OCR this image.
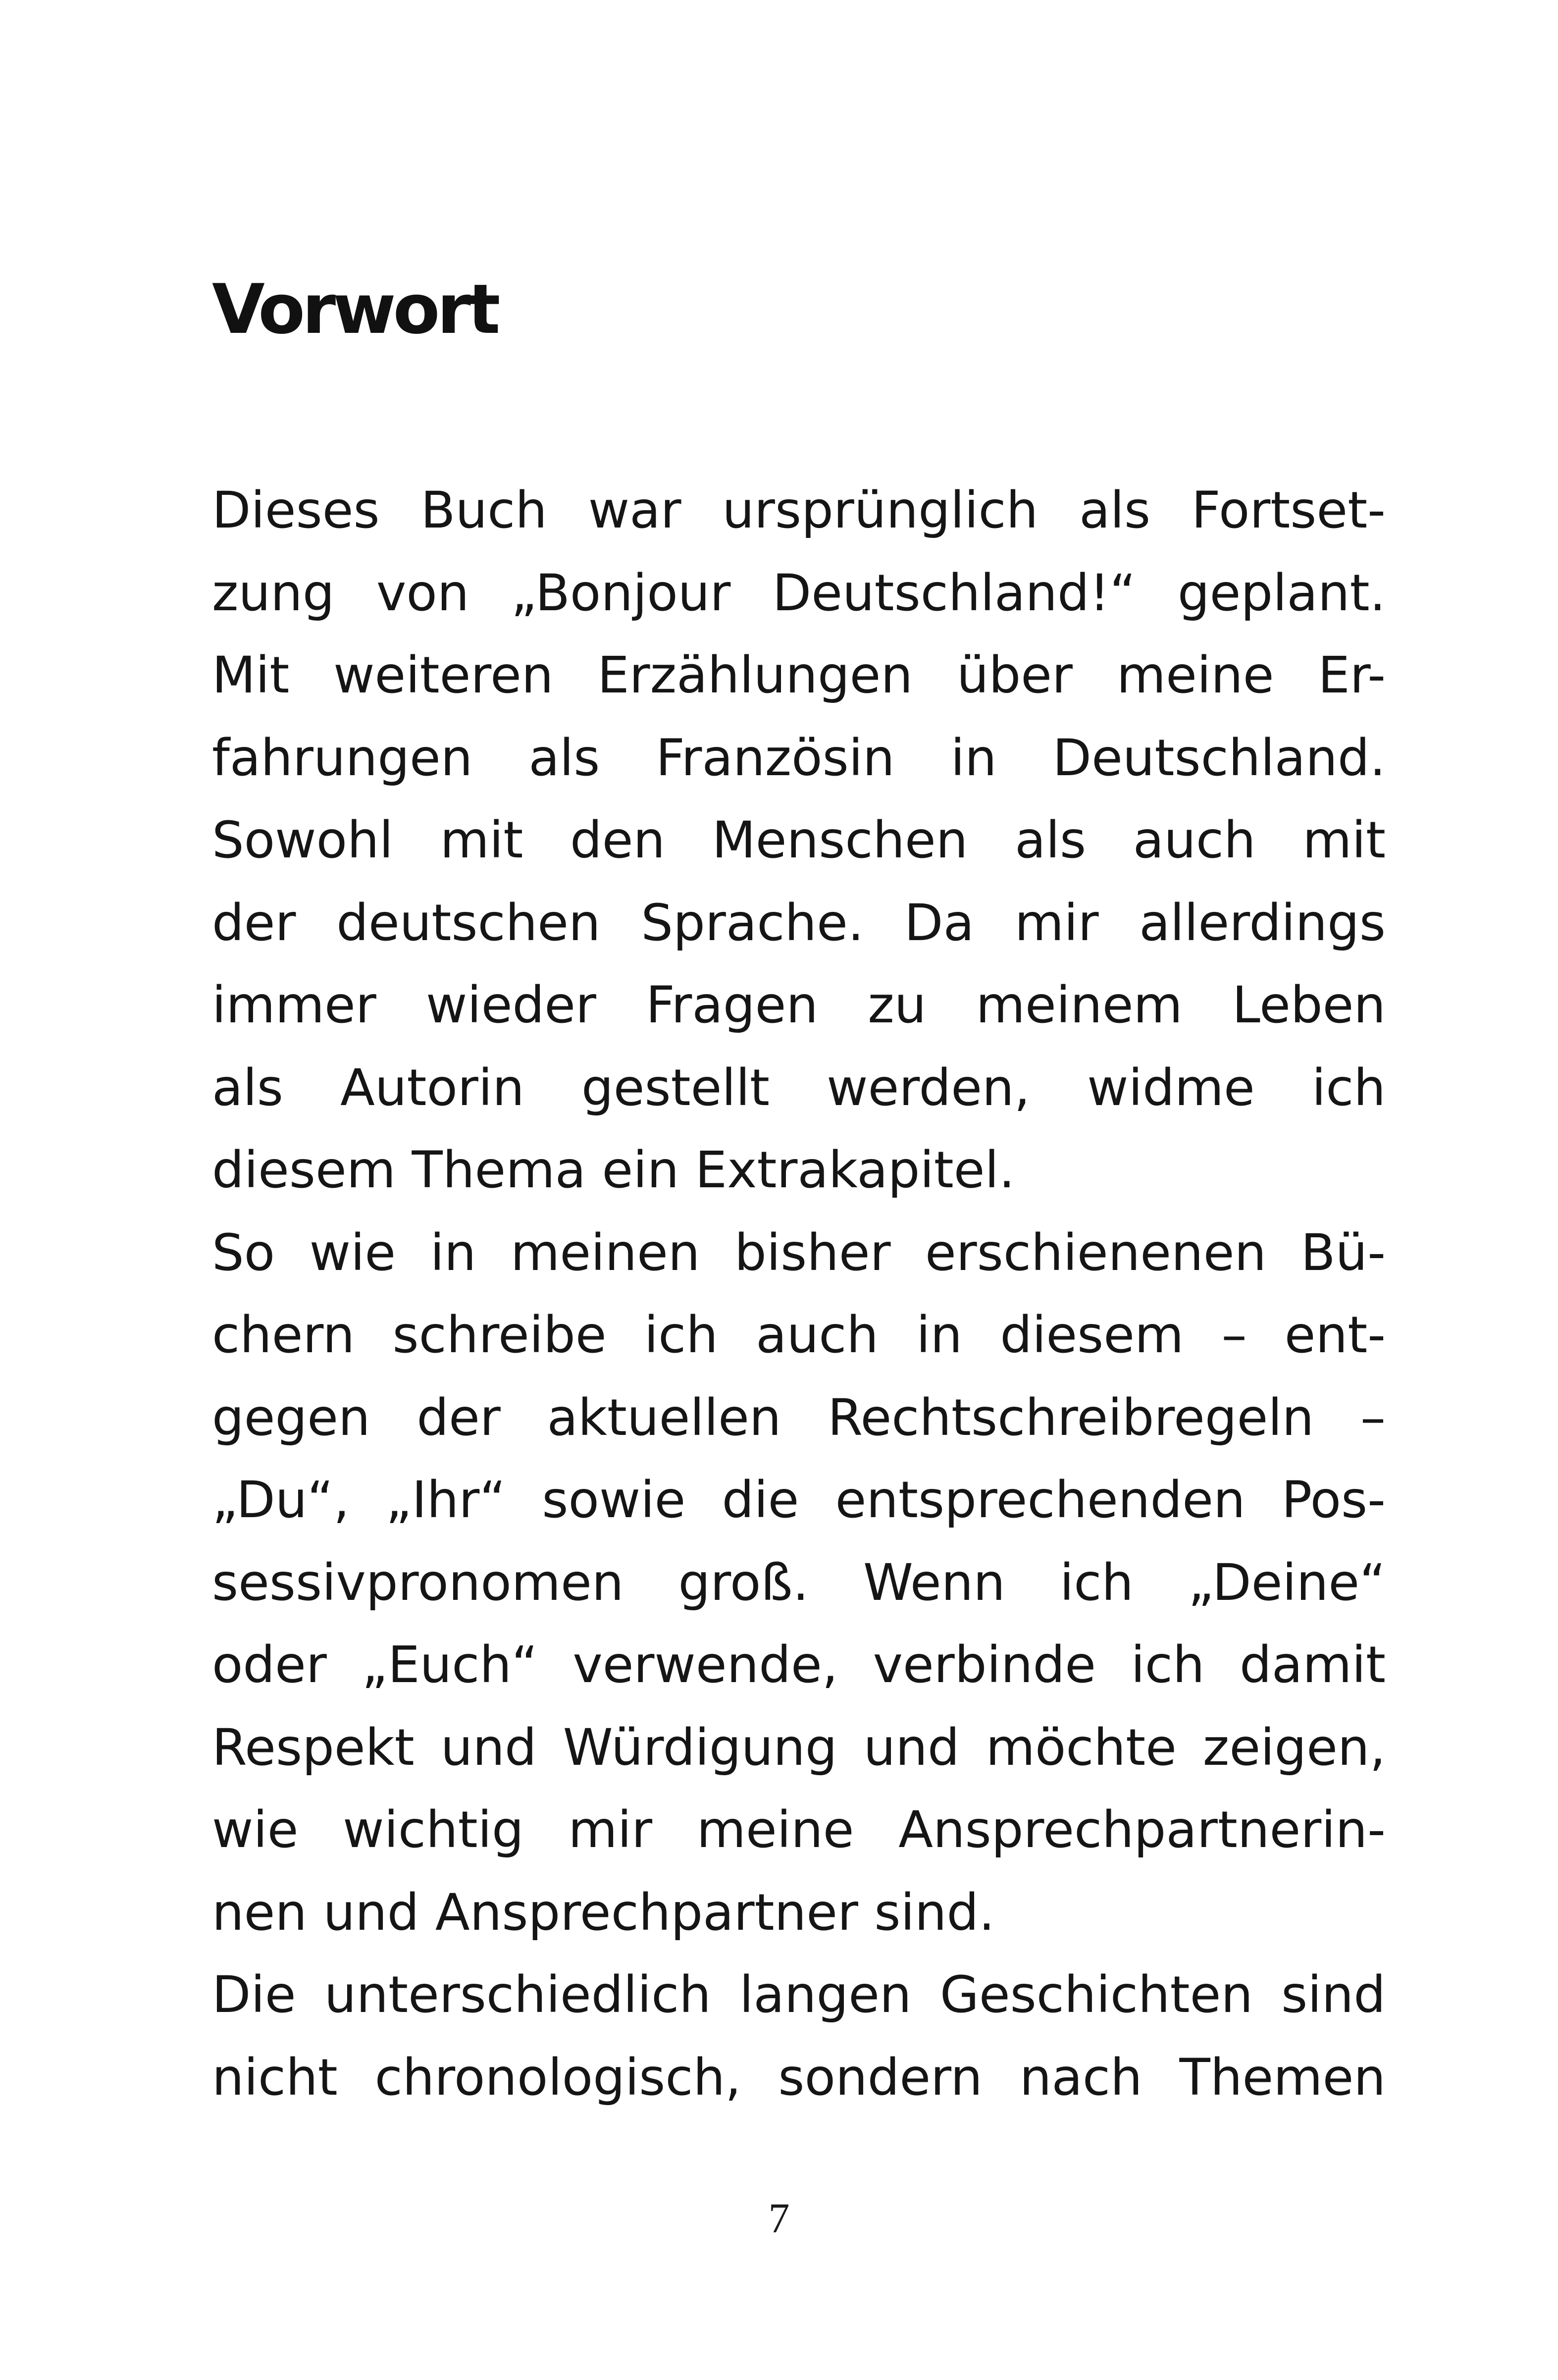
Vorwort
Dieses Buch war ursprünglich als Fortset-
zung von „Bonjour Deutschland!“ geplant.
Mit weiteren Erzählungen über meine Er-
fahrungen als Französin in Deutschland.
Sowohl mit den Menschen als auch mit
der deutschen Sprache. Da mir allerdings
immer wieder Fragen zu meinem Leben
als Autorin gestellt werden, widme ich
diesem Thema ein Extrakapitel.
So wie in meinen bisher erschienenen Bü-
chern schreibe ich auch in diesem – ent-
gegen der aktuellen Rechtschreibregeln –
„Du“, „Ihr“ sowie die entsprechenden Pos-
sessivpronomen groß. Wenn ich „Deine“
oder „Euch“ verwende, verbinde ich damit
Respekt und Würdigung und möchte zeigen,
wie wichtig mir meine Ansprechpartnerin-
nen und Ansprechpartner sind.
Die unterschiedlich langen Geschichten sind
nicht chronologisch, sondern nach Themen
7
